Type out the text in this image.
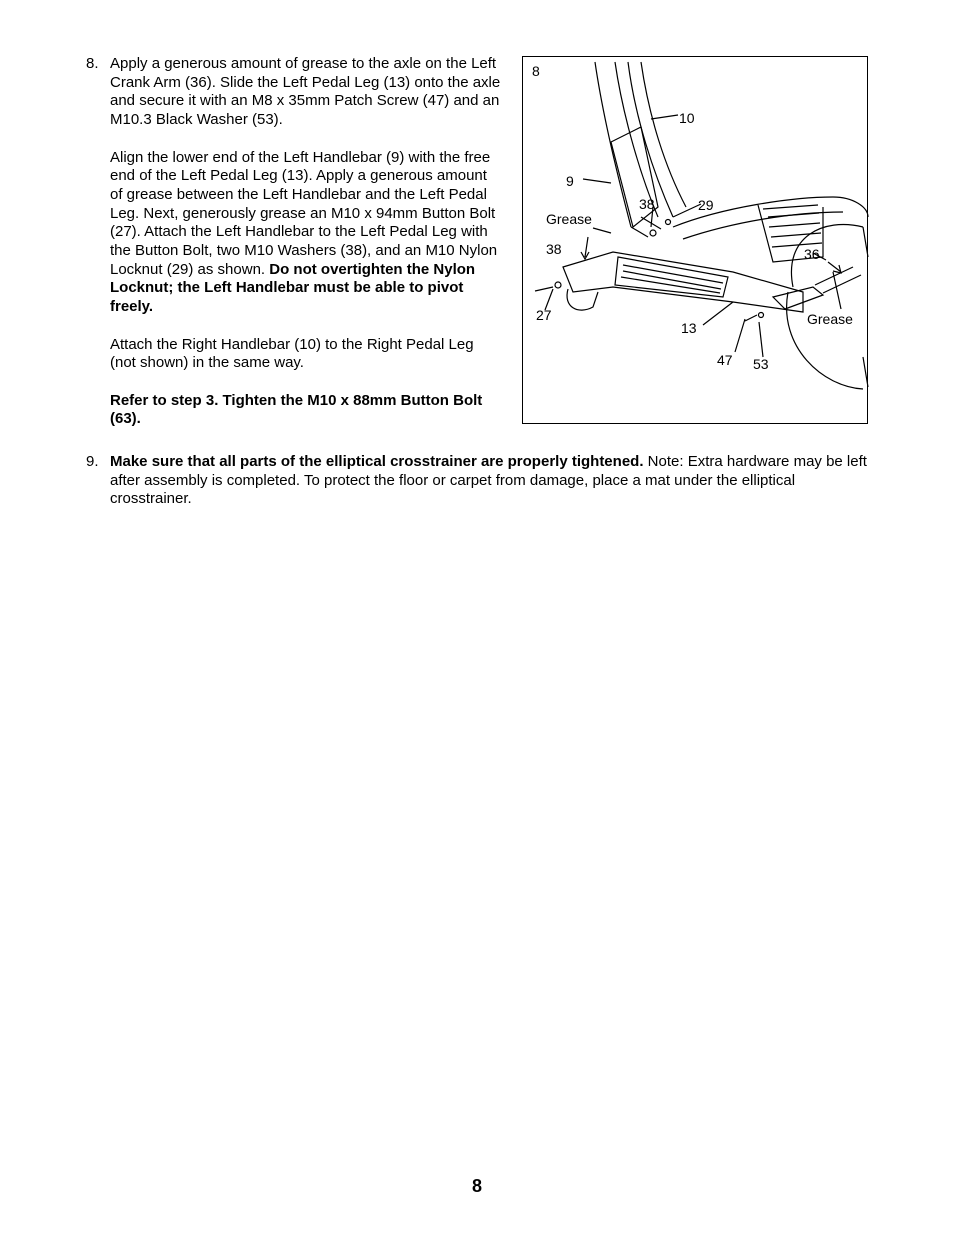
8. Apply a generous amount of grease to the axle on the Left Crank Arm (36). Slide the Left Pedal Leg (13) onto the axle and secure it with an M8 x 35mm Patch Screw (47) and an M10.3 Black Washer (53).

Align the lower end of the Left Handlebar (9) with the free end of the Left Pedal Leg (13). Apply a generous amount of grease between the Left Handlebar and the Left Pedal Leg. Next, generously grease an M10 x 94mm Button Bolt (27). Attach the Left Handlebar to the Left Pedal Leg with the Button Bolt, two M10 Washers (38), and an M10 Nylon Locknut (29) as shown. Do not overtighten the Nylon Locknut; the Left Handlebar must be able to pivot freely.

Attach the Right Handlebar (10) to the Right Pedal Leg (not shown) in the same way.

Refer to step 3. Tighten the M10 x 88mm Button Bolt (63).

8
10
9
38	29
Grease
38	36
27
13
Grease
47 53
9. Make sure that all parts of the elliptical crosstrainer are properly tightened. Note: Extra hardware may be left after assembly is completed. To protect the floor or carpet from damage, place a mat under the elliptical crosstrainer.

8
